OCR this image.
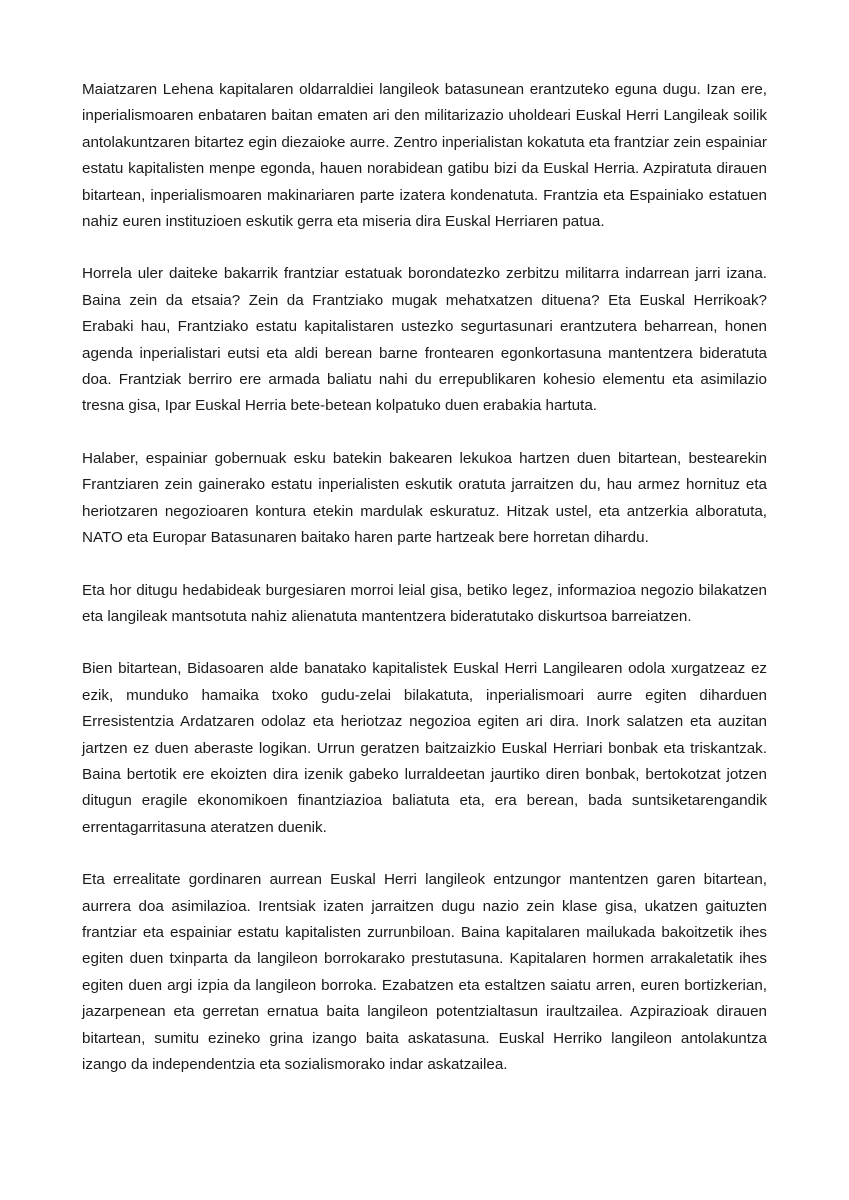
Maiatzaren Lehena kapitalaren oldarraldiei langileok batasunean erantzuteko eguna dugu. Izan ere, inperialismoaren enbataren baitan ematen ari den militarizazio uholdeari Euskal Herri Langileak soilik antolakuntzaren bitartez egin diezaioke aurre. Zentro inperialistan kokatuta eta frantziar zein espainiar estatu kapitalisten menpe egonda, hauen norabidean gatibu bizi da Euskal Herria. Azpiratuta dirauen bitartean, inperialismoaren makinariaren parte izatera kondenatuta. Frantzia eta Espainiako estatuen nahiz euren instituzioen eskutik gerra eta miseria dira Euskal Herriaren patua.

Horrela uler daiteke bakarrik frantziar estatuak borondatezko zerbitzu militarra indarrean jarri izana. Baina zein da etsaia? Zein da Frantziako mugak mehatxatzen dituena? Eta Euskal Herrikoak? Erabaki hau, Frantziako estatu kapitalistaren ustezko segurtasunari erantzutera beharrean, honen agenda inperialistari eutsi eta aldi berean barne frontearen egonkortasuna mantentzera bideratuta doa. Frantziak berriro ere armada baliatu nahi du errepublikaren kohesio elementu eta asimilazio tresna gisa, Ipar Euskal Herria bete-betean kolpatuko duen erabakia hartuta.

Halaber, espainiar gobernuak esku batekin bakearen lekukoa hartzen duen bitartean, bestearekin Frantziaren zein gainerako estatu inperialisten eskutik oratuta jarraitzen du, hau armez hornituz eta heriotzaren negozioaren kontura etekin mardulak eskuratuz. Hitzak ustel, eta antzerkia alboratuta, NATO eta Europar Batasunaren baitako haren parte hartzeak bere horretan dihardu.

Eta hor ditugu hedabideak burgesiaren morroi leial gisa, betiko legez, informazioa negozio bilakatzen eta langileak mantsotuta nahiz alienatuta mantentzera bideratutako diskurtsoa barreiatzen.

Bien bitartean, Bidasoaren alde banatako kapitalistek Euskal Herri Langilearen odola xurgatzeaz ez ezik, munduko hamaika txoko gudu-zelai bilakatuta, inperialismoari aurre egiten diharduen Erresistentzia Ardatzaren odolaz eta heriotzaz negozioa egiten ari dira. Inork salatzen eta auzitan jartzen ez duen aberaste logikan. Urrun geratzen baitzaizkio Euskal Herriari bonbak eta triskantzak. Baina bertotik ere ekoizten dira izenik gabeko lurraldeetan jaurtiko diren bonbak, bertokotzat jotzen ditugun eragile ekonomikoen finantziazioa baliatuta eta, era berean, bada suntsiketarengandik errentagarritasuna ateratzen duenik.

Eta errealitate gordinaren aurrean Euskal Herri langileok entzungor mantentzen garen bitartean, aurrera doa asimilazioa. Irentsiak izaten jarraitzen dugu nazio zein klase gisa, ukatzen gaituzten frantziar eta espainiar estatu kapitalisten zurrunbiloan. Baina kapitalaren mailukada bakoitzetik ihes egiten duen txinparta da langileon borrokarako prestutasuna. Kapitalaren hormen arrakaletatik ihes egiten duen argi izpia da langileon borroka. Ezabatzen eta estaltzen saiatu arren, euren bortizkerian, jazarpenean eta gerretan ernatua baita langileon potentzialtasun iraultzailea. Azpirazioak dirauen bitartean, sumitu ezineko grina izango baita askatasuna. Euskal Herriko langileon antolakuntza izango da independentzia eta sozialismorako indar askatzailea.
